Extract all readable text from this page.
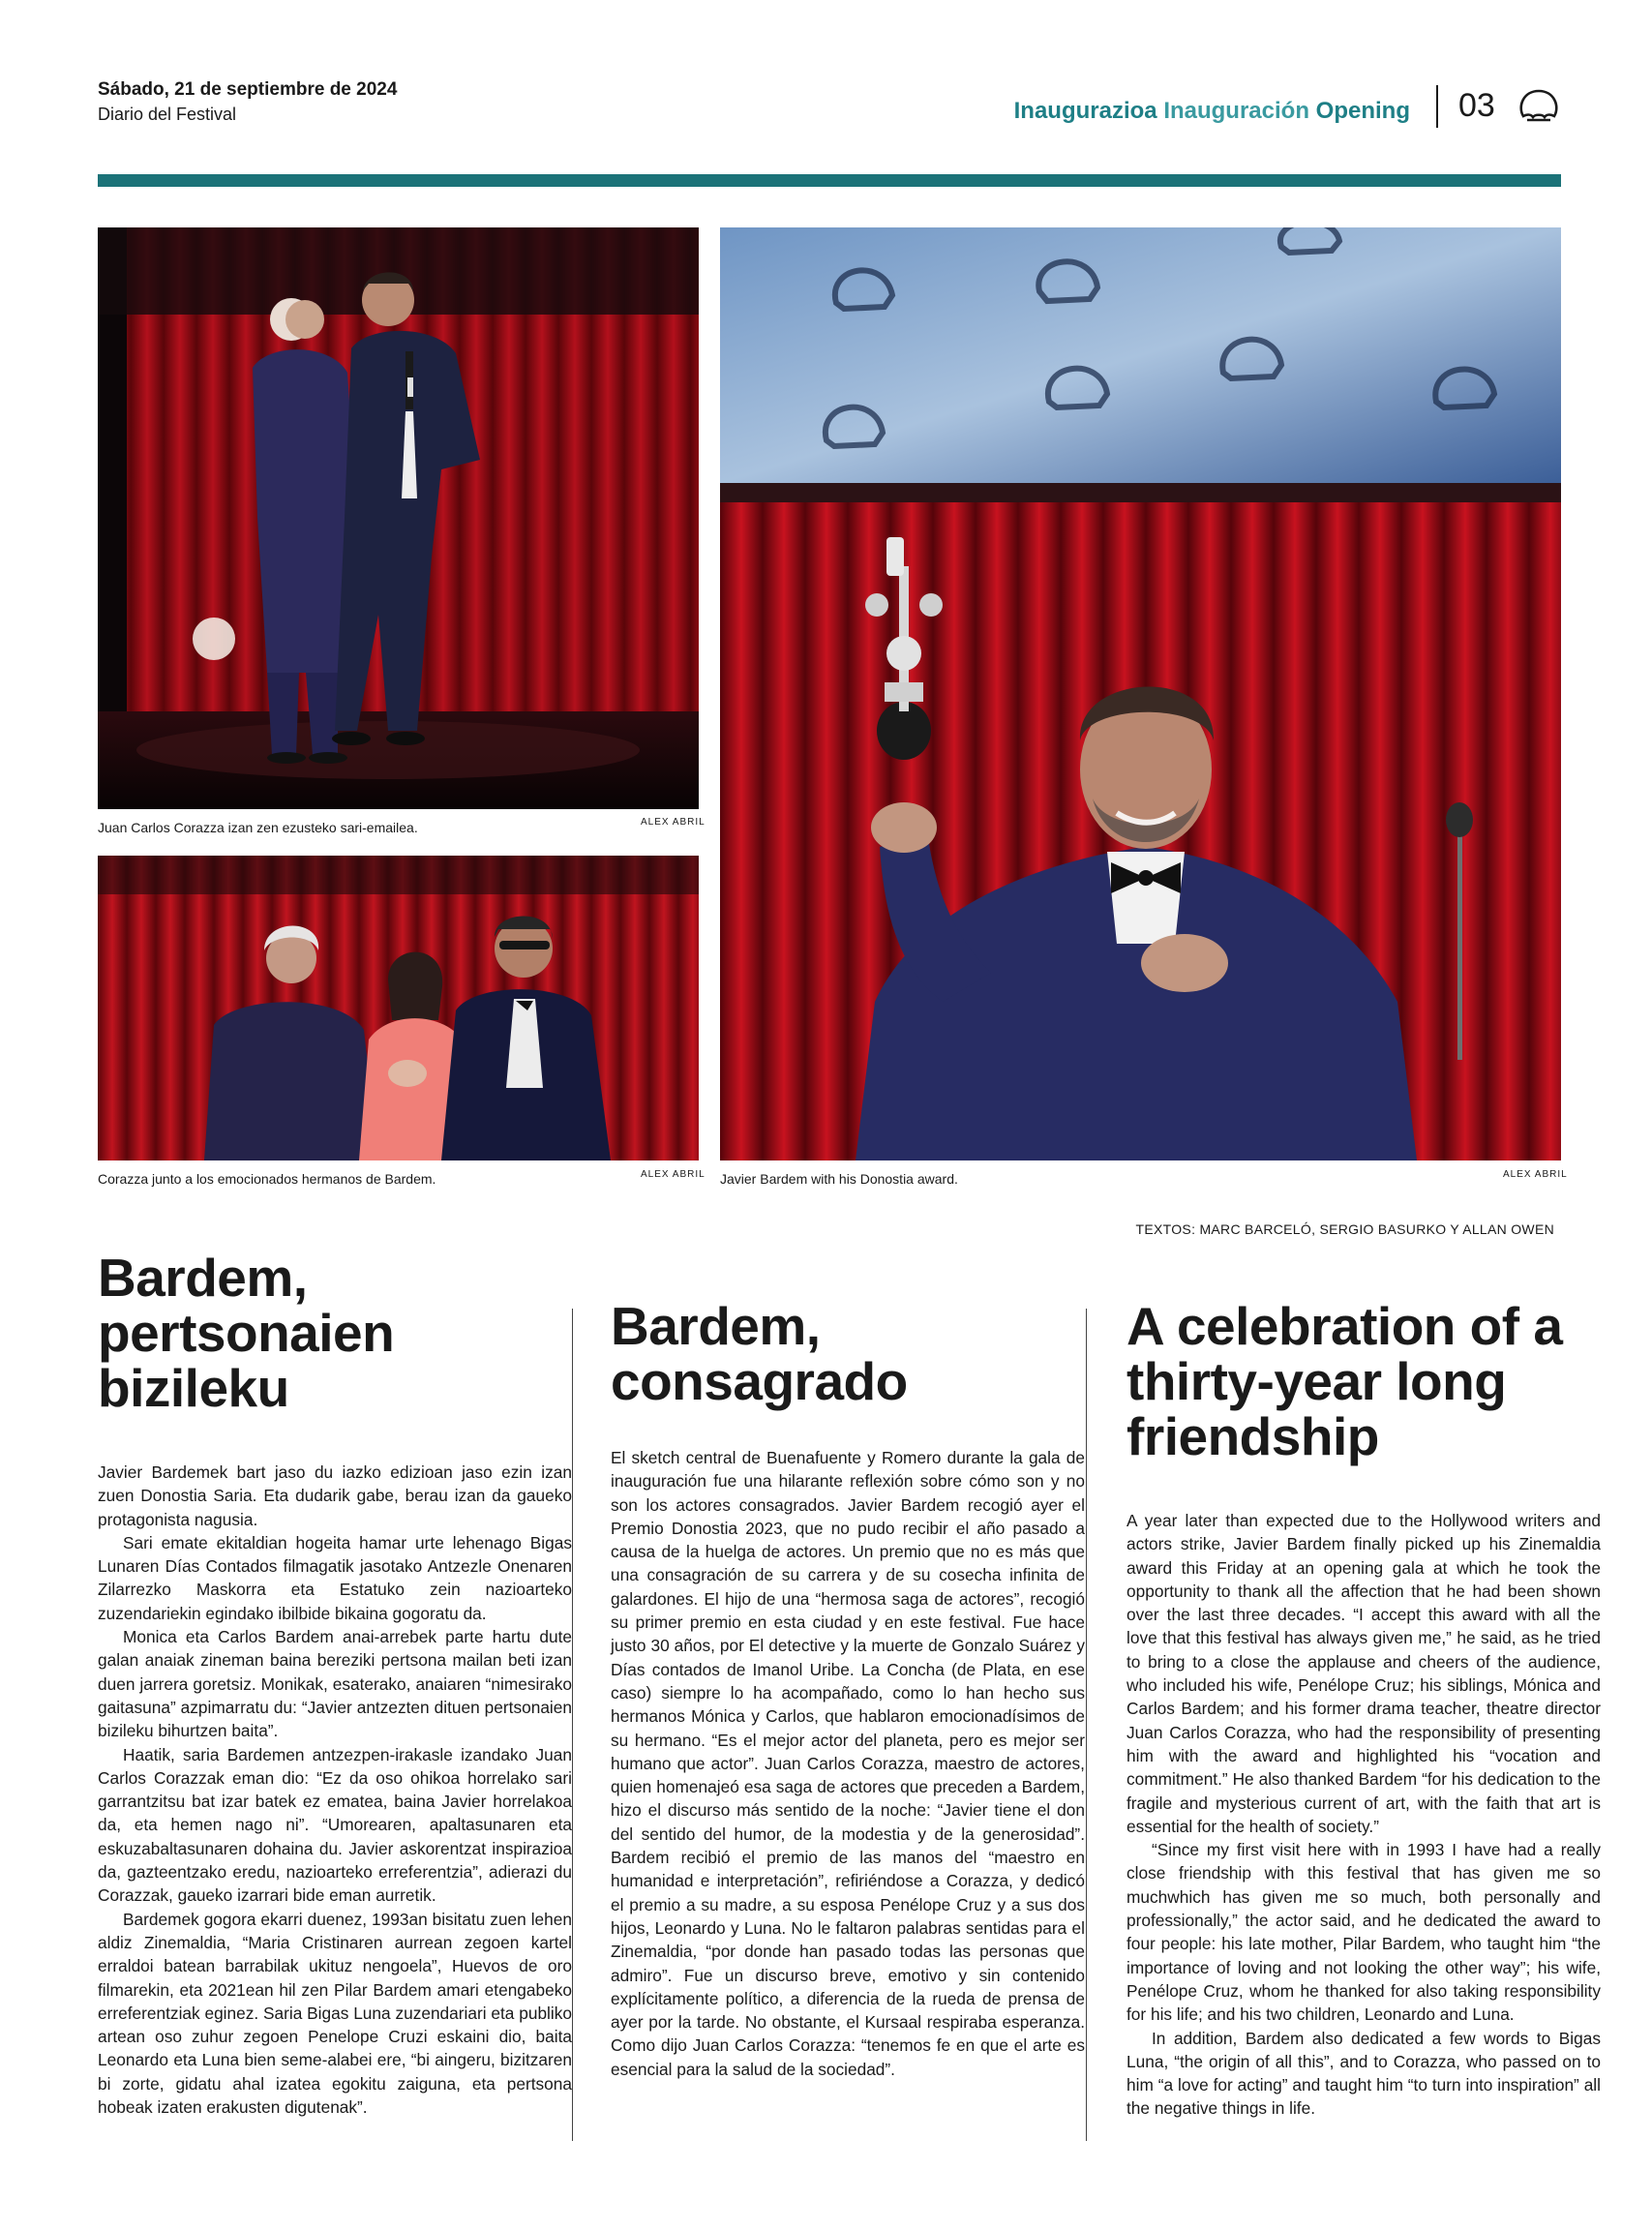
Sábado, 21 de septiembre de 2024
Diario del Festival	Inaugurazioa Inauguración Opening 03
Juan Carlos Corazza izan zen ezusteko sari-emailea.	ALEX ABRIL
Corazza junto a los emocionados hermanos de Bardem.	ALEX ABRIL Javier Bardem with his Donostia award.	ALEX ABRIL
TEXTOS: MARC BARCELÓ, SERGIO BASURKO Y ALLAN OWEN
Bardem, pertsonaien bizileku

Javier Bardemek bart jaso du iazko edizioan jaso ezin izan zuen Donostia Saria. Eta dudarik gabe, berau izan da gaueko protagonista nagusia.

Sari emate ekitaldian hogeita hamar urte lehenago Bigas Lunaren Días Contados filmagatik jasotako Antzezle Onenaren Zilarrezko Maskorra eta Estatuko zein nazioarteko zuzendariekin egindako ibilbide bikaina gogoratu da.

Monica eta Carlos Bardem anai-arrebek parte hartu dute galan anaiak zineman baina bereziki pertsona mailan beti izan duen jarrera goretsiz. Monikak, esaterako, anaiaren “nimesirako gaitasuna” azpimarratu du: “Javier antzezten dituen pertsonaien bizileku bihurtzen baita”.

Haatik, saria Bardemen antzezpen-irakasle izandako Juan Carlos Corazzak eman dio: “Ez da oso ohikoa horrelako sari garrantzitsu bat izar batek ez ematea, baina Javier horrelakoa da, eta hemen nago ni”. “Umorearen, apaltasunaren eta eskuzabaltasunaren dohaina du. Javier askorentzat inspirazioa da, gazteentzako eredu, nazioarteko erreferentzia”, adierazi du Corazzak, gaueko izarrari bide eman aurretik.

Bardemek gogora ekarri duenez, 1993an bisitatu zuen lehen aldiz Zinemaldia, “Maria Cristinaren aurrean zegoen kartel erraldoi batean barrabilak ukituz nengoela”, Huevos de oro filmarekin, eta 2021ean hil zen Pilar Bardem amari etengabeko erreferentziak eginez. Saria Bigas Luna zuzendariari eta publiko artean oso zuhur zegoen Penelope Cruzi eskaini dio, baita Leonardo eta Luna bien seme-alabei ere, “bi aingeru, bizitzaren bi zorte, gidatu ahal izatea egokitu zaiguna, eta pertsona hobeak izaten erakusten digutenak”.

Bardem, consagrado

El sketch central de Buenafuente y Romero durante la gala de inauguración fue una hilarante reflexión sobre cómo son y no son los actores consagrados. Javier Bardem recogió ayer el Premio Donostia 2023, que no pudo recibir el año pasado a causa de la huelga de actores. Un premio que no es más que una consagración de su carrera y de su cosecha infinita de galardones. El hijo de una “hermosa saga de actores”, recogió su primer premio en esta ciudad y en este festival. Fue hace justo 30 años, por El detective y la muerte de Gonzalo Suárez y Días contados de Imanol Uribe. La Concha (de Plata, en ese caso) siempre lo ha acompañado, como lo han hecho sus hermanos Mónica y Carlos, que hablaron emocionadísimos de su hermano. “Es el mejor actor del planeta, pero es mejor ser humano que actor”. Juan Carlos Corazza, maestro de actores, quien homenajeó esa saga de actores que preceden a Bardem, hizo el discurso más sentido de la noche: “Javier tiene el don del sentido del humor, de la modestia y de la generosidad”. Bardem recibió el premio de las manos del “maestro en humanidad e interpretación”, refiriéndose a Corazza, y dedicó el premio a su madre, a su esposa Penélope Cruz y a sus dos hijos, Leonardo y Luna. No le faltaron palabras sentidas para el Zinemaldia, “por donde han pasado todas las personas que admiro”. Fue un discurso breve, emotivo y sin contenido explícitamente político, a diferencia de la rueda de prensa de ayer por la tarde. No obstante, el Kursaal respiraba esperanza. Como dijo Juan Carlos Corazza: “tenemos fe en que el arte es esencial para la salud de la sociedad”.

A celebration of a thirty-year long friendship

A year later than expected due to the Hollywood writers and actors strike, Javier Bardem finally picked up his Zinemaldia award this Friday at an opening gala at which he took the opportunity to thank all the affection that he had been shown over the last three decades. “I accept this award with all the love that this festival has always given me,” he said, as he tried to bring to a close the applause and cheers of the audience, who included his wife, Penélope Cruz; his siblings, Mónica and Carlos Bardem; and his former drama teacher, theatre director Juan Carlos Corazza, who had the responsibility of presenting him with the award and highlighted his “vocation and commitment.” He also thanked Bardem “for his dedication to the fragile and mysterious current of art, with the faith that art is essential for the health of society.”

“Since my first visit here with in 1993 I have had a really close friendship with this festival that has given me so muchwhich has given me so much, both personally and professionally,” the actor said, and he dedicated the award to four people: his late mother, Pilar Bardem, who taught him “the importance of loving and not looking the other way”; his wife, Penélope Cruz, whom he thanked for also taking responsibility for his life; and his two children, Leonardo and Luna.

In addition, Bardem also dedicated a few words to Bigas Luna, “the origin of all this”, and to Corazza, who passed on to him “a love for acting” and taught him “to turn into inspiration” all the negative things in life.
